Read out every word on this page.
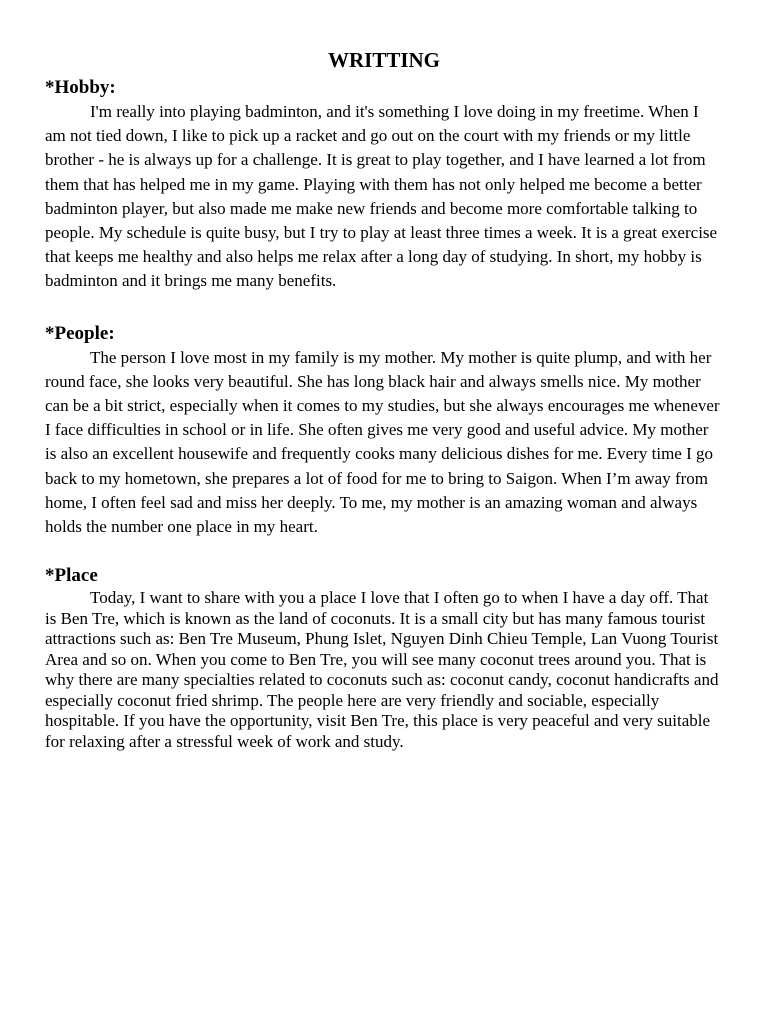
WRITTING
*Hobby:

I'm really into playing badminton, and it's something I love doing in my freetime. When I am not tied down, I like to pick up a racket and go out on the court with my friends or my little brother - he is always up for a challenge. It is great to play together, and I have learned a lot from them that has helped me in my game. Playing with them has not only helped me become a better badminton player, but also made me make new friends and become more comfortable talking to people. My schedule is quite busy, but I try to play at least three times a week. It is a great exercise that keeps me healthy and also helps me relax after a long day of studying. In short, my hobby is badminton and it brings me many benefits.

*People:

The person I love most in my family is my mother. My mother is quite plump, and with her round face, she looks very beautiful. She has long black hair and always smells nice. My mother can be a bit strict, especially when it comes to my studies, but she always encourages me whenever I face difficulties in school or in life. She often gives me very good and useful advice. My mother is also an excellent housewife and frequently cooks many delicious dishes for me. Every time I go back to my hometown, she prepares a lot of food for me to bring to Saigon. When I’m away from home, I often feel sad and miss her deeply. To me, my mother is an amazing woman and always holds the number one place in my heart.

*Place

Today, I want to share with you a place I love that I often go to when I have a day off. That is Ben Tre, which is known as the land of coconuts. It is a small city but has many famous tourist attractions such as: Ben Tre Museum, Phung Islet, Nguyen Dinh Chieu Temple, Lan Vuong Tourist Area and so on. When you come to Ben Tre, you will see many coconut trees around you. That is why there are many specialties related to coconuts such as: coconut candy, coconut handicrafts and especially coconut fried shrimp. The people here are very friendly and sociable, especially hospitable. If you have the opportunity, visit Ben Tre, this place is very peaceful and very suitable for relaxing after a stressful week of work and study.
